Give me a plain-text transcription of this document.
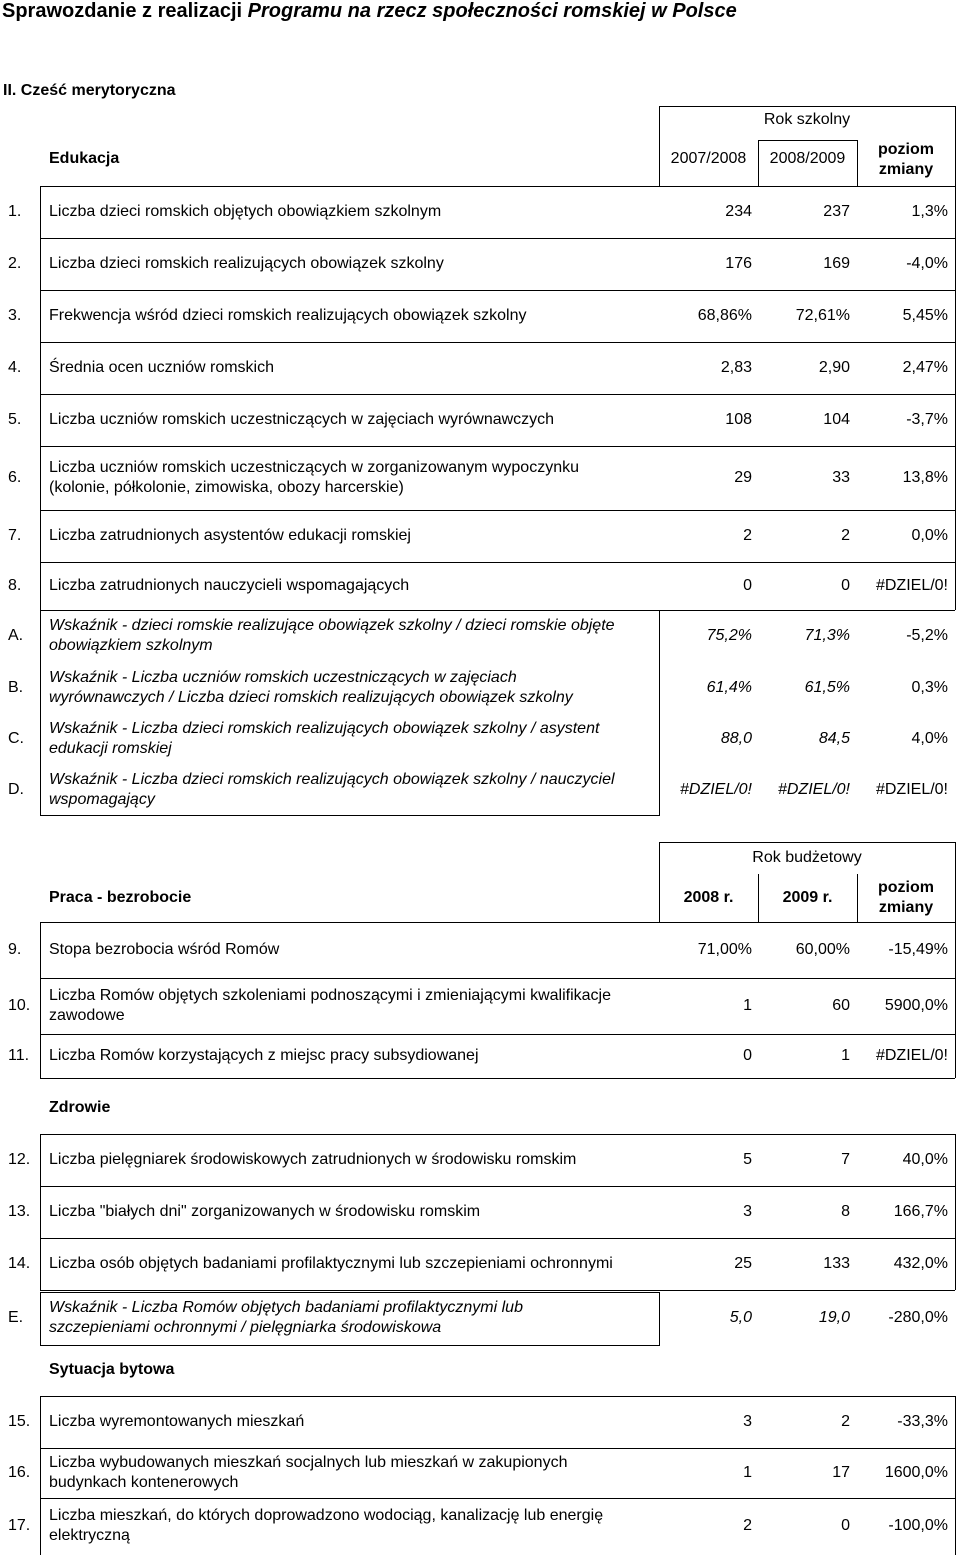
Sprawozdanie z realizacji Programu na rzecz społeczności romskiej w Polsce
II. Cześć merytoryczna
Rok szkolny
Edukacja	2007/2008	2008/2009
poziom
zmiany
1. Liczba dzieci romskich objętych obowiązkiem szkolnym	234	237	1,3%
2. Liczba dzieci romskich realizujących obowiązek szkolny	176	169	-4,0%
3. Frekwencja wśród dzieci romskich realizujących obowiązek szkolny	68,86%	72,61%	5,45%
4. Średnia ocen uczniów romskich	2,83	2,90	2,47%
5. Liczba uczniów romskich uczestniczących w zajęciach wyrównawczych	108	104	-3,7%
6.
Liczba uczniów romskich uczestniczących w zorganizowanym wypoczynku
(kolonie, półkolonie, zimowiska, obozy harcerskie)
29	33	13,8%
7. Liczba zatrudnionych asystentów edukacji romskiej	2	2	0,0%
8. Liczba zatrudnionych nauczycieli wspomagających	0	0	#DZIEL/0!
A.
Wskaźnik - dzieci romskie realizujące obowiązek szkolny / dzieci romskie objęte
obowiązkiem szkolnym
75,2%	71,3%	-5,2%
B.
Wskaźnik - Liczba uczniów romskich uczestniczących w zajęciach
wyrównawczych / Liczba dzieci romskich realizujących obowiązek szkolny
61,4%	61,5%	0,3%
C.
Wskaźnik - Liczba dzieci romskich realizujących obowiązek szkolny / asystent
edukacji romskiej
88,0	84,5	4,0%
D.
Wskaźnik - Liczba dzieci romskich realizujących obowiązek szkolny / nauczyciel
wspomagający
#DZIEL/0!	#DZIEL/0!	#DZIEL/0!
Rok budżetowy
Praca - bezrobocie	2008 r.	2009 r.
poziom
zmiany
9. Stopa bezrobocia wśród Romów	71,00%	60,00%	-15,49%
10.
Liczba Romów objętych szkoleniami podnoszącymi i zmieniającymi kwalifikacje
zawodowe
1	60	5900,0%
11. Liczba Romów korzystających z miejsc pracy subsydiowanej	0	1	#DZIEL/0!
Zdrowie
12. Liczba pielęgniarek środowiskowych zatrudnionych w środowisku romskim	5	7	40,0%
13. Liczba "białych dni" zorganizowanych w środowisku romskim	3	8	166,7%
14. Liczba osób objętych badaniami profilaktycznymi lub szczepieniami ochronnymi	25	133	432,0%
E.
Wskaźnik - Liczba Romów objętych badaniami profilaktycznymi lub
szczepieniami ochronnymi / pielęgniarka środowiskowa
5,0	19,0	-280,0%
Sytuacja bytowa
15. Liczba wyremontowanych mieszkań	3	2	-33,3%
16.
Liczba wybudowanych mieszkań socjalnych lub mieszkań w zakupionych
budynkach kontenerowych
1	17	1600,0%
17.
Liczba mieszkań, do których doprowadzono wodociąg, kanalizację lub energię
elektryczną
2	0	-100,0%
